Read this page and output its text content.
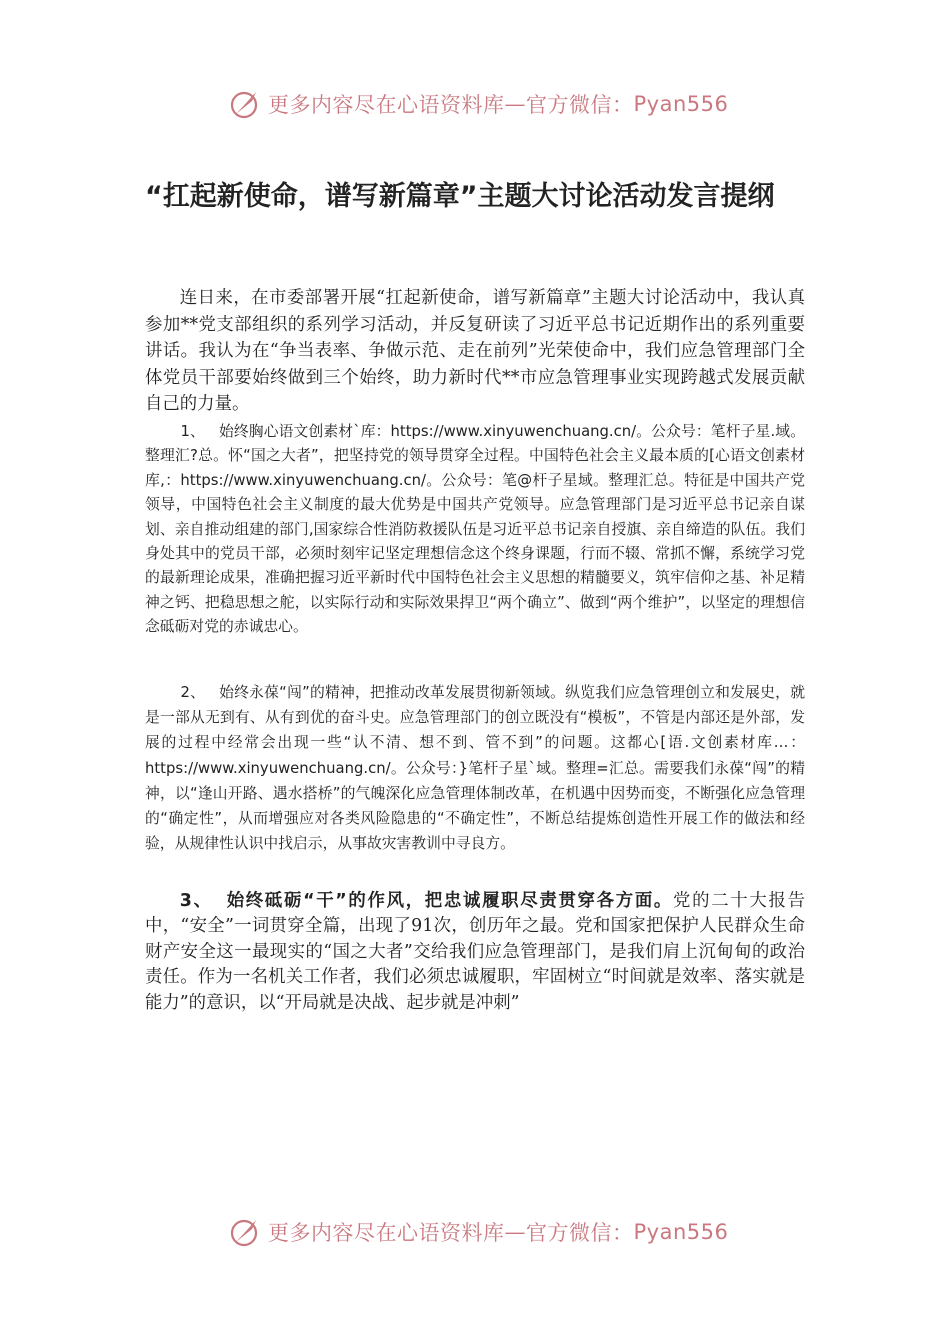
更多内容尽在心语资料库 — 官方微信： Pyan556
“扛起新使命，谱写新篇章”主题大讨论活动发言提纲

连日来，在市委部署开展“扛起新使命，谱写新篇章”主题大讨论活动中，我认真参加**党支部组织的系列学习活动，并反复研读了习近平总书记近期作出的系列重要讲话。我认为在“争当表率、争做示范、走在前列”光荣使命中，我们应急管理部门全体党员干部要始终做到三个始终，助力新时代**市应急管理事业实现跨越式发展贡献自己的力量。

1、 始终胸心语文创素材`库：https://www.xinyuwenchuang.cn/。公众号：笔杆子星.域。整理汇?总。怀“国之大者”，把坚持党的领导贯穿全过程。中国特色社会主义最本质的[心语文创素材库,：https://www.xinyuwenchuang.cn/。公众号：笔@杆子星域。整理汇总。特征是中国共产党领导，中国特色社会主义制度的最大优势是中国共产党领导。应急管理部门是习近平总书记亲自谋划、亲自推动组建的部门,国家综合性消防救援队伍是习近平总书记亲自授旗、亲自缔造的队伍。我们身处其中的党员干部，必须时刻牢记坚定理想信念这个终身课题，行而不辍、常抓不懈，系统学习党的最新理论成果，准确把握习近平新时代中国特色社会主义思想的精髓要义，筑牢信仰之基、补足精神之钙、把稳思想之舵，以实际行动和实际效果捍卫“两个确立”、做到“两个维护”，以坚定的理想信念砥砺对党的赤诚忠心。

2、 始终永葆“闯”的精神，把推动改革发展贯彻新领域。纵览我们应急管理创立和发展史，就是一部从无到有、从有到优的奋斗史。应急管理部门的创立既没有“模板”，不管是内部还是外部，发展的过程中经常会出现一些“认不清、想不到、管不到”的问题。这都心[语.文创素材库…：https://www.xinyuwenchuang.cn/。公众号：}笔杆子星`域。整理=汇总。需要我们永葆“闯”的精神，以“逢山开路、遇水搭桥”的气魄深化应急管理体制改革，在机遇中因势而变，不断强化应急管理的“确定性”，从而增强应对各类风险隐患的“不确定性”，不断总结提炼创造性开展工作的做法和经验，从规律性认识中找启示，从事故灾害教训中寻良方。

3、 始终砥砺“干”的作风，把忠诚履职尽责贯穿各方面。党的二十大报告中，“安全”一词贯穿全篇，出现了91次，创历年之最。党和国家把保护人民群众生命财产安全这一最现实的“国之大者”交给我们应急管理部门，是我们肩上沉甸甸的政治责任。作为一名机关工作者，我们必须忠诚履职，牢固树立“时间就是效率、落实就是能力”的意识，以“开局就是决战、起步就是冲刺”

更多内容尽在心语资料库 — 官方微信： Pyan556
